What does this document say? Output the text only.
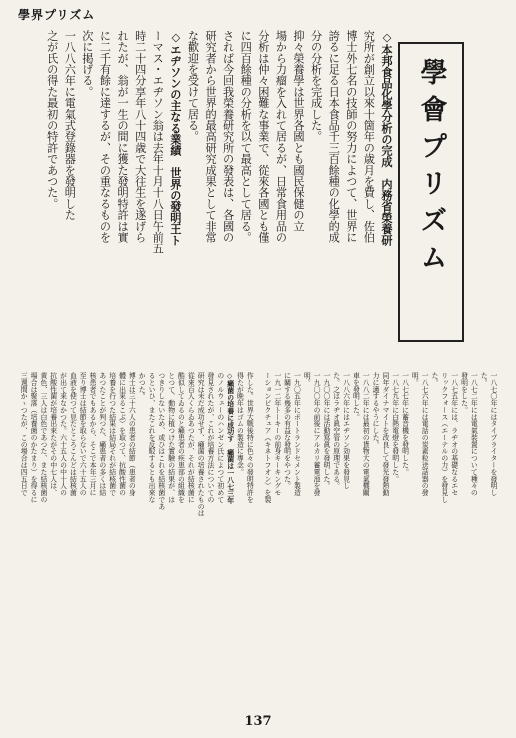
學界プリズム
學會プリズム
◇本邦食品化學分析の完成　内務省榮養研
究所が創立以來十箇年の歳月を費し、佐伯
博士外七名の技師の努力によつて、世界に
誇るに足る日本食品千三百餘種の化學的成
分の分析を完成した。
抑々榮養學は世界各國とも國民保健の立
場から力瘤を入れて居るが、日常食用品の
分析は仲々困難な事業で、從來各國とも僅
に四百餘種の分析を以て最高として居る。
されば今回我榮養研究所の發表は、各國の
研究者から世界的最高研究成果として非常
な歡迎を受けて居る。
◇エヂソンの主なる業績　世界の發明王ト
ーマス・エヂソン翁は去年十月十八日午前五
時二十四分享年八十四歳で大往生を遂げら
れたが、翁が一生の間に獲た發明特許は實
に二千有餘に達するが、その重なるものを
次に掲げる。
一八八六年に電氣式登錄器を發明した
之が氏の得た最初の特許であつた。
一八七〇年にはタイプライターを發明し
た。
一八七二年には電氣裝置について種々の
發明をした。
一八七五年には、ラヂオの基礎なるエセ
リックフォース（エーテルの力）を發見し
た。
一八七六年には電話の炭素粒送話器の發
明。
一八七七年に蓄音機を發明した。
一八七九年に白熱電燈を發明した。
同年ダイナマイトを改良して發光發熱動
力に適するやうにした。
一八八二年には最初の貨物大の電氣機關
車を發明した。
一八八六年にはエヂソン効果を發見し
た。之はラヂオ眞空管の原理である。
一九〇〇年には活動寫眞を發明した。
一九〇〇年の前後にアルカリ蓄電池を發
明。
一九〇五年にポートランドセメント製造
に關する幾多の有益な發明をやつた。
一九一二年トーキーの前身キーキングモ
ーションピクチュア（キネトフオン）を製
作した。世界大戰後特に色々の發明特許を
得たが晩年はゴムの製造に專念。
◇癩菌の培養に成功す　癩菌は一八七三年
のノルウェーのハンゼン氏によつて初めて
發見されたが、これが培養方法についての
研究は未だ成功せず、癩菌の培養されたものは
從來百人くらゐあつたが、それが結核菌に
酷似してゐるのと癩患者の疾患部の組織を
とつて、動物に植つけた實驗の結果が、は
つきりしないため、或ひはこれを結核菌であ
るといひ、またこれを反駁するとも出來な
かつた。
博士は三十六人の患者の結節（患者の身
體に出來るこぶ）を取つて、抗酸性菌の
培養を行つた結果は結局それが結核菌で
あつたことが判つた、癩患者の多くは結
核患者でもあるから、そこで本年三月に
至り博士は結節を取らないで六十五人の
血液を使つて見たところこんどは結核菌
が出て來なかつた。六十五人の中十人の
抗酸性菌が培養出來たがその中七人は、
黄色、三人は白色であつた、また結核菌の
場合は聚落（培養菌のかたまり）を得るに
三週間かゝつたが、この場合は四五日で
137
